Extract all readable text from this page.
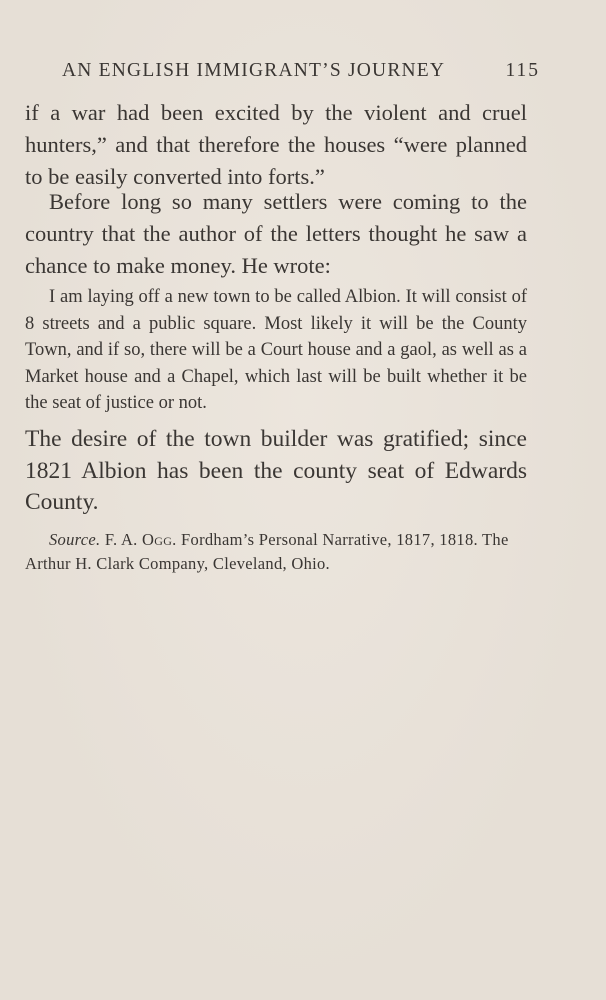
AN ENGLISH IMMIGRANT’S JOURNEY	115

if a war had been excited by the violent and cruel hunters,” and that therefore the houses “were planned to be easily converted into forts.”

Before long so many settlers were coming to the country that the author of the letters thought he saw a chance to make money. He wrote:

I am laying off a new town to be called Albion. It will consist of 8 streets and a public square. Most likely it will be the County Town, and if so, there will be a Court house and a gaol, as well as a Market house and a Chapel, which last will be built whether it be the seat of justice or not.

The desire of the town builder was gratified; since 1821 Albion has been the county seat of Edwards County.

Source. F. A. Ogg. Fordham’s Personal Narrative, 1817, 1818. The Arthur H. Clark Company, Cleveland, Ohio.
